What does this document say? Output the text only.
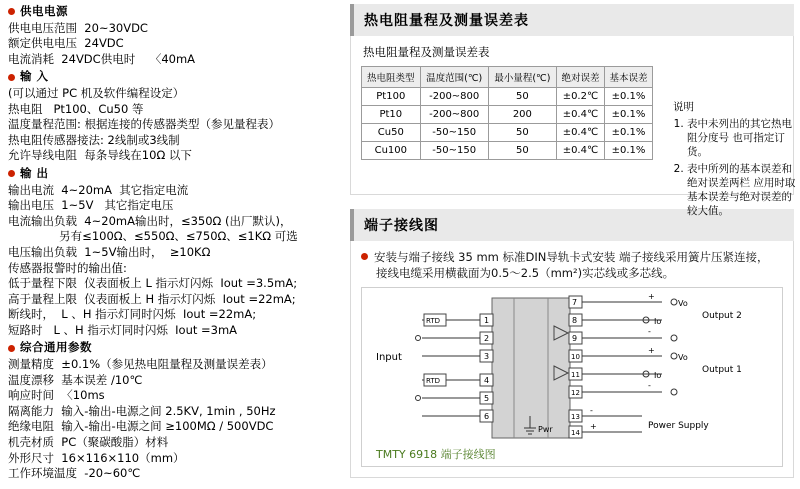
供电电源
供电电压范围  20~30VDC
额定供电电压  24VDC
电流消耗  24VDC供电时    〈40mA
输 入
(可以通过 PC 机及软件编程设定）
热电阻   Pt100、Cu50 等
温度量程范围: 根据连接的传感器类型（参见量程表）
热电阻传感器接法: 2线制或3线制
允许导线电阻  每条导线在10Ω 以下
输 出
输出电流  4~20mA  其它指定电流
输出电压  1~5V   其它指定电压
电流输出负载  4~20mA输出时，≤350Ω (出厂默认)，
另有≤100Ω、≤550Ω、≤750Ω、≤1KΩ 可选
电压输出负载  1~5V输出时，  ≥10KΩ
传感器报警时的输出值:
低于量程下限  仪表面板上 L 指示灯闪烁  Iout =3.5mA;
高于量程上限  仪表面板上 H 指示灯闪烁  Iout =22mA;
断线时，  L 、H 指示灯同时闪烁  Iout =22mA;
短路时   L 、H 指示灯同时闪烁  Iout =3mA
综合通用参数
测量精度  ±0.1%（参见热电阻量程及测量误差表）
温度漂移  基本误差 /10℃
响应时间  〈10ms
隔离能力  输入-输出-电源之间 2.5KV, 1min , 50Hz
绝缘电阻  输入-输出-电源之间 ≥100MΩ / 500VDC
机壳材质  PC（聚碳酸脂）材料
外形尺寸  16×116×110（mm）
工作环境温度  -20~60℃
热电阻量程及测量误差表
热电阻量程及测量误差表
热电阻类型	温度范围(℃)	最小量程(℃)	绝对误差	基本误差
Pt100	-200~800	50	±0.2℃	±0.1%
Pt10	-200~800	200	±0.4℃	±0.1%
Cu50	-50~150	50	±0.4℃	±0.1%
Cu100	-50~150	50	±0.4℃	±0.1%
说明
1. 表中未列出的其它热电阻分度号 也可指定订货。
2. 表中所列的基本误差和绝对误差两栏 应用时取基本误差与绝对误差的较大值。
端子接线图
安装与端子接线 35 mm 标准DIN导轨卡式安装 端子接线采用簧片压紧连接，
接线电缆采用横截面为0.5～2.5（mm²)实芯线或多芯线。
1
2
3
4
5
6
7
8
9
10
11
12
13
14
RTD
RTD
Input
+
-
Vo
Io
Output 2
+
-
Vo
Io
Output 1
-
+	Power Supply
Pwr
TMTY 6918 端子接线图
